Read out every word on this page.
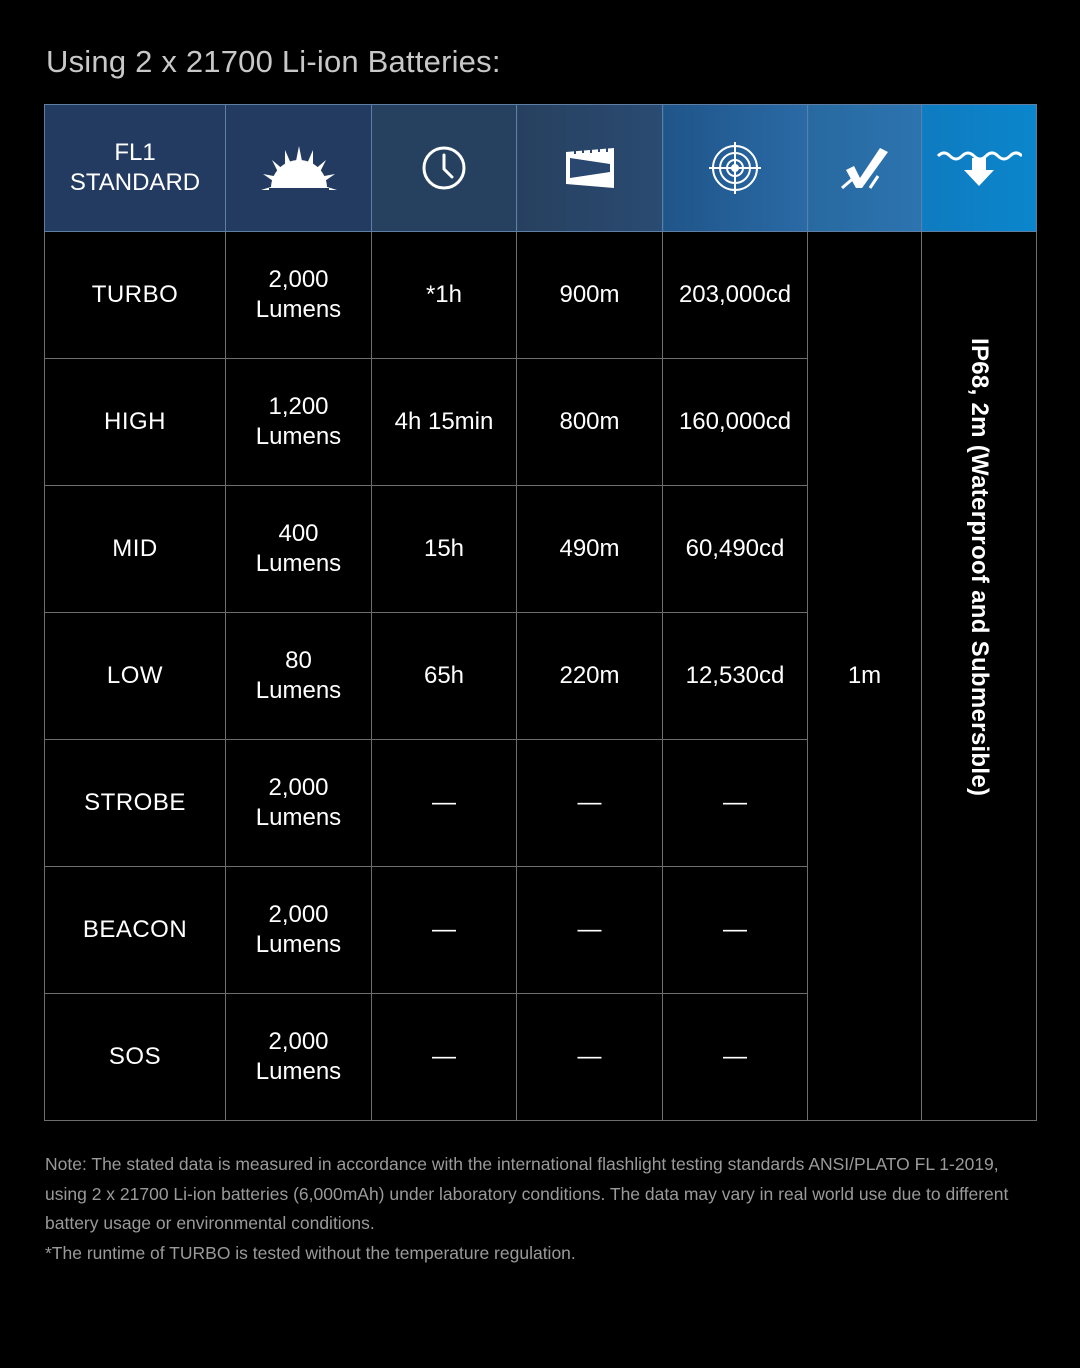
Using 2 x 21700 Li-ion Batteries:
FL1
STANDARD

TURBO	2,000
Lumens	*1h	900m	203,000cd	1m	IP68, 2m (Waterproof and Submersible)
HIGH	1,200
Lumens	4h 15min	800m	160,000cd		
MID	400
Lumens	15h	490m	60,490cd		
LOW	80
Lumens	65h	220m	12,530cd		
STROBE	2,000
Lumens	—	—	—		
BEACON	2,000
Lumens	—	—	—		
SOS	2,000
Lumens	—	—	—		

Note: The stated data is measured in accordance with the international flashlight testing standards ANSI/PLATO FL 1-2019, using 2 x 21700 Li-ion batteries (6,000mAh) under laboratory conditions. The data may vary in real world use due to different battery usage or environmental conditions.

*The runtime of TURBO is tested without the temperature regulation.
